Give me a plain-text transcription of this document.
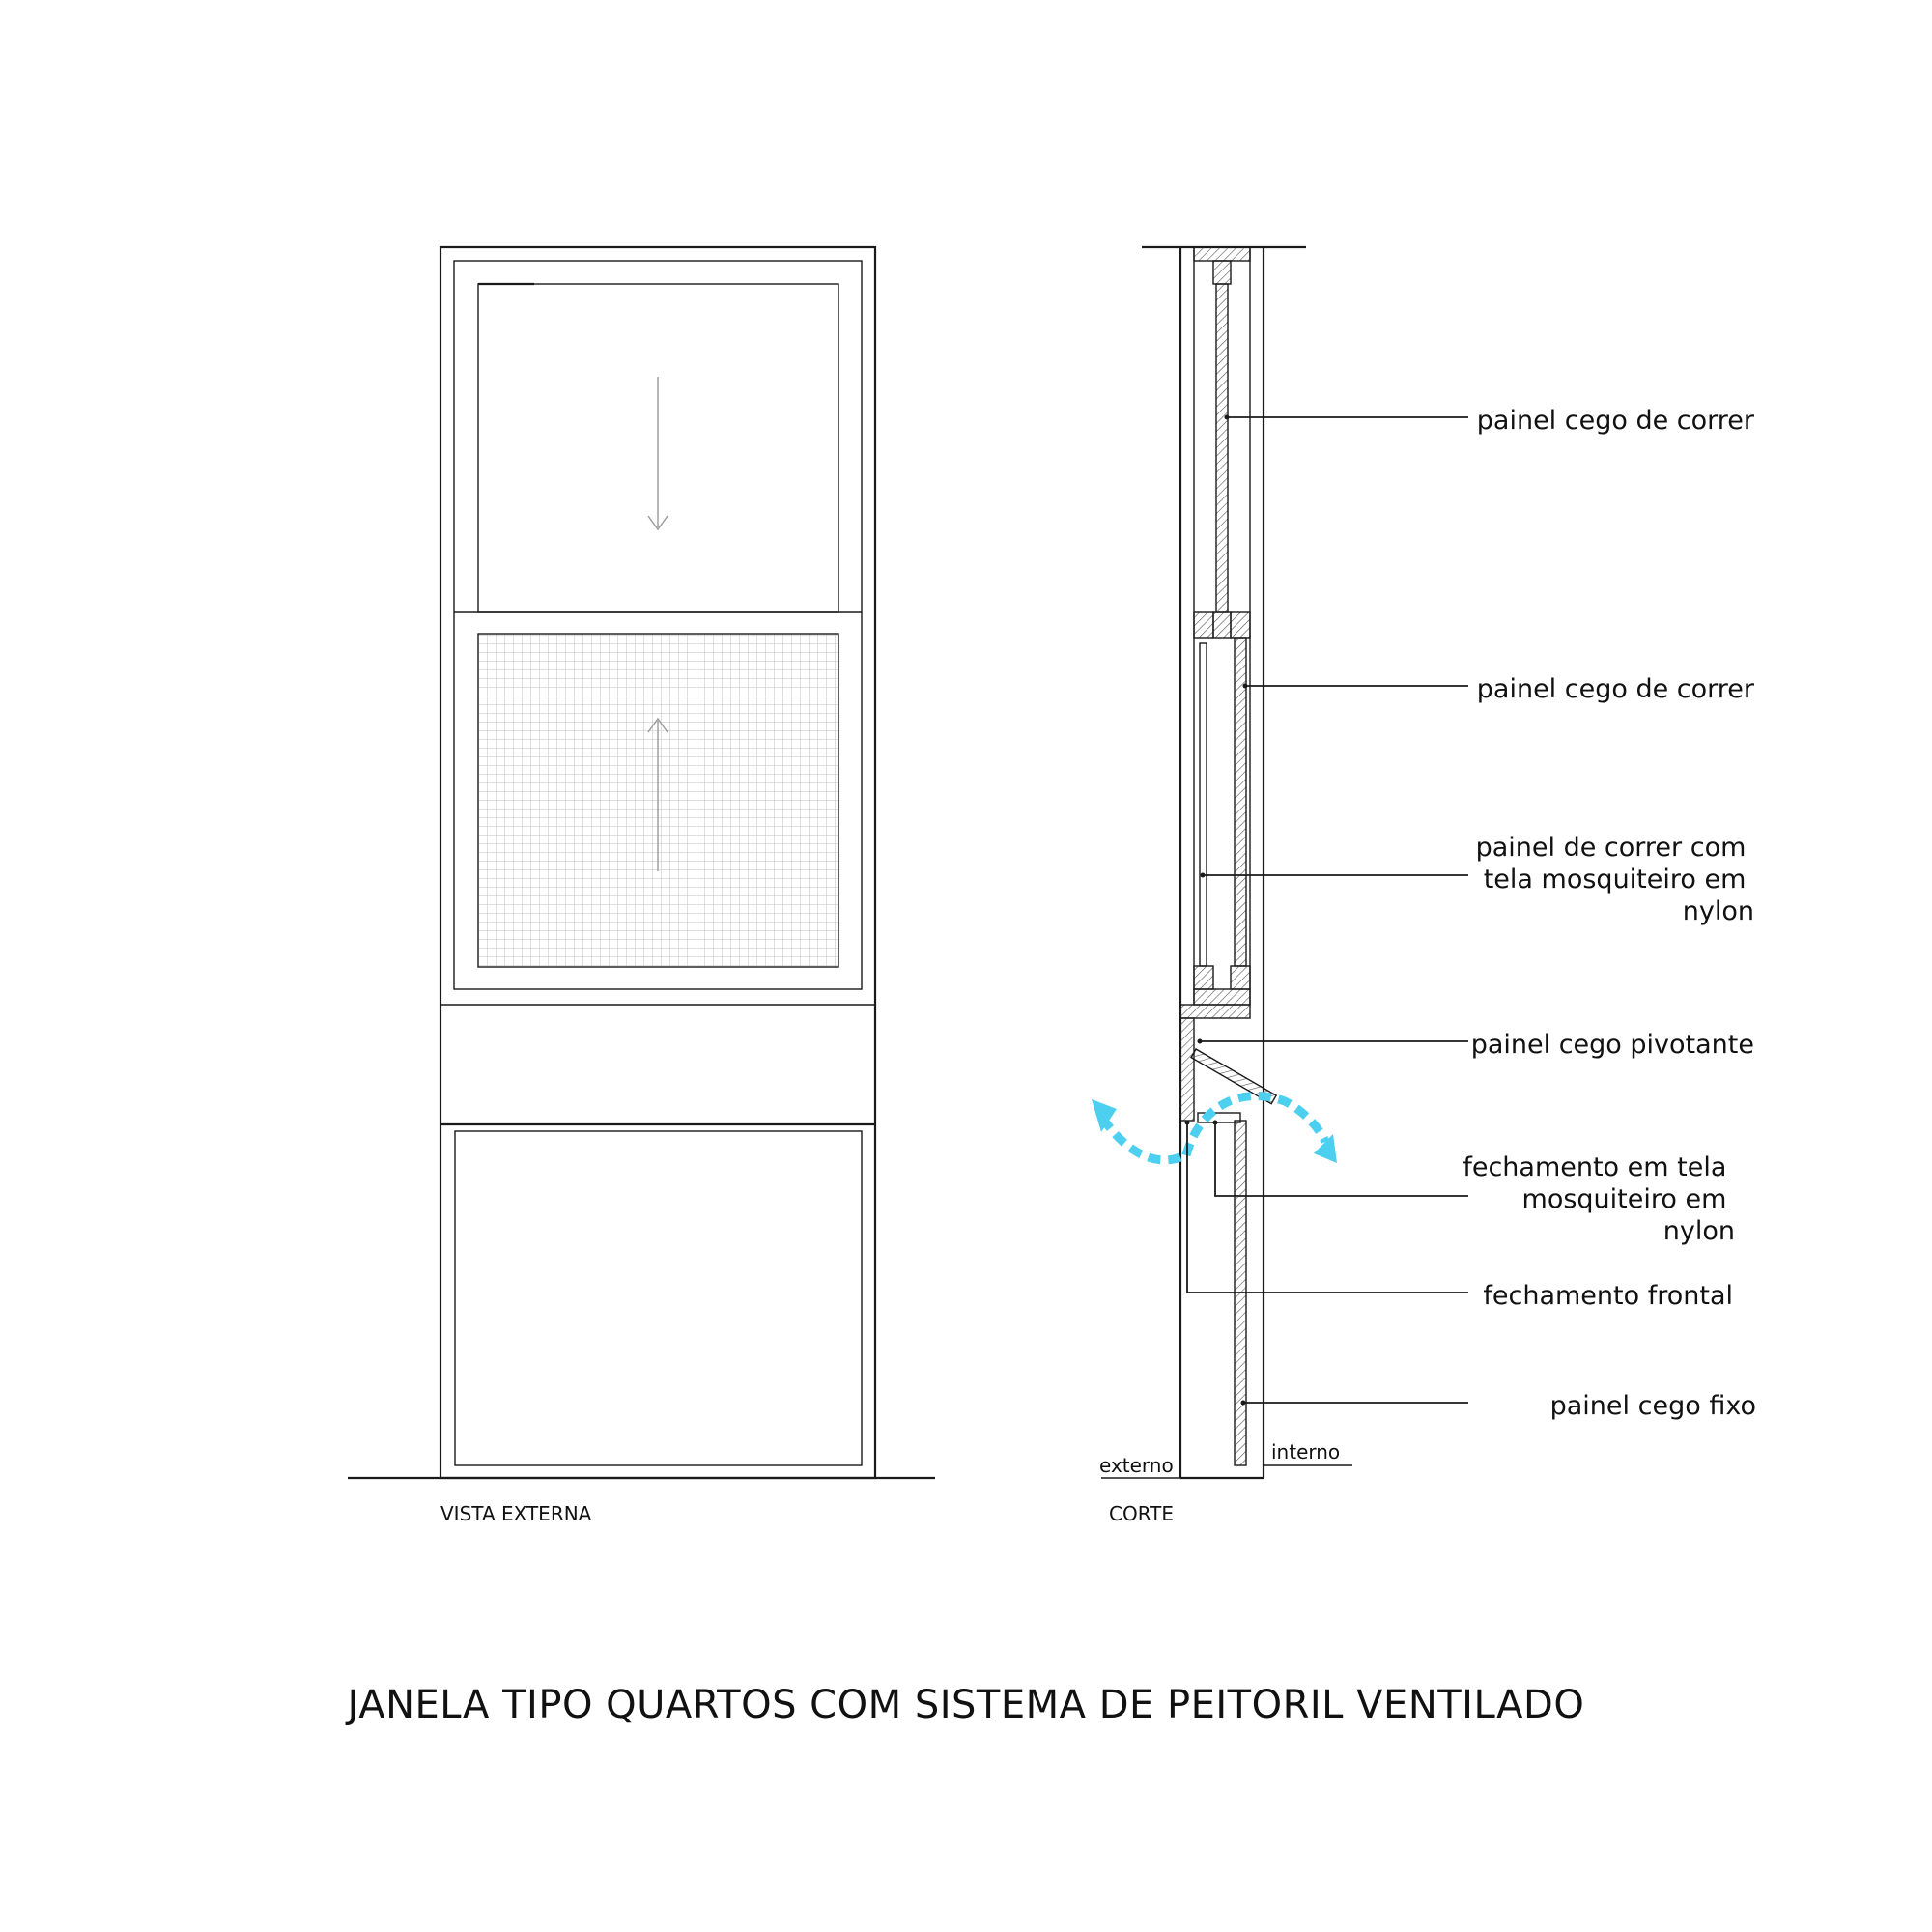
VISTA EXTERNA
externo
interno
CORTE
painel cego de correr
painel cego de correr
painel de correr com tela mosquiteiro em nylon
painel cego pivotante
fechamento em tela mosquiteiro em nylon
fechamento frontal
painel cego fixo
JANELA TIPO QUARTOS COM SISTEMA DE PEITORIL VENTILADO
